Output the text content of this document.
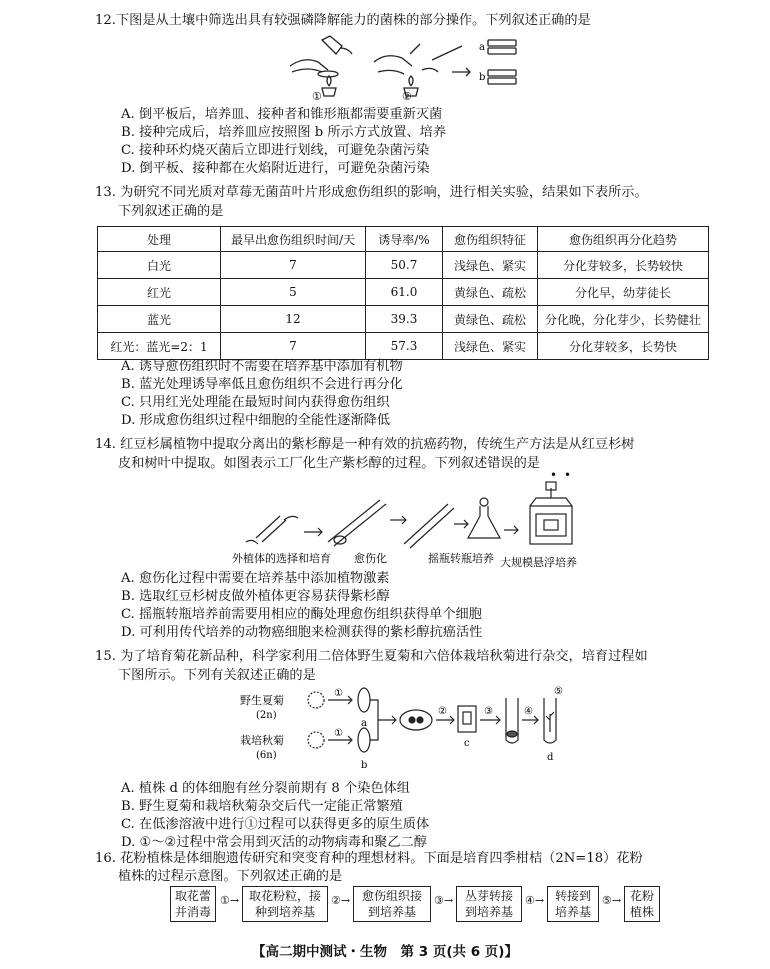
12.下图是从土壤中筛选出具有较强磷降解能力的菌株的部分操作。下列叙述正确的是
①	②
a
b
A. 倒平板后，培养皿、接种者和锥形瓶都需要重新灭菌
B. 接种完成后，培养皿应按照图 b 所示方式放置、培养
C. 接种环灼烧灭菌后立即进行划线，可避免杂菌污染
D. 倒平板、接种都在火焰附近进行，可避免杂菌污染
13. 为研究不同光质对草莓无菌苗叶片形成愈伤组织的影响，进行相关实验，结果如下表所示。
下列叙述正确的是
处理	最早出愈伤组织时间/天	诱导率/%	愈伤组织特征	愈伤组织再分化趋势
白光	7	50.7	浅绿色、紧实	分化芽较多，长势较快
红光	5	61.0	黄绿色、疏松	分化早，幼芽徒长
蓝光	12	39.3	黄绿色、疏松	分化晚，分化芽少，长势健壮
红光：蓝光=2：1	7	57.3	浅绿色、紧实	分化芽较多，长势快
A. 诱导愈伤组织时不需要在培养基中添加有机物
B. 蓝光处理诱导率低且愈伤组织不会进行再分化
C. 只用红光处理能在最短时间内获得愈伤组织
D. 形成愈伤组织过程中细胞的全能性逐渐降低
14. 红豆杉属植物中提取分离出的紫杉醇是一种有效的抗癌药物，传统生产方法是从红豆杉树
皮和树叶中提取。如图表示工厂化生产紫杉醇的过程。下列叙述错误的是
• •
外植体的选择和培育 愈伤化	摇瓶转瓶培养 大规模悬浮培养
A. 愈伤化过程中需要在培养基中添加植物激素
B. 选取红豆杉树皮做外植体更容易获得紫杉醇
C. 摇瓶转瓶培养前需要用相应的酶处理愈伤组织获得单个细胞
D. 可利用传代培养的动物癌细胞来检测获得的紫杉醇抗癌活性
15. 为了培育菊花新品种，科学家利用二倍体野生夏菊和六倍体栽培秋菊进行杂交，培育过程如
下图所示。下列有关叙述正确的是
野生夏菊
(2n)
栽培秋菊
(6n)
①
①
②	③	④
⑤
a
b
c
d
A. 植株 d 的体细胞有丝分裂前期有 8 个染色体组
B. 野生夏菊和栽培秋菊杂交后代一定能正常繁殖
C. 在低渗溶液中进行①过程可以获得更多的原生质体
D. ①～②过程中常会用到灭活的动物病毒和聚乙二醇
16. 花粉植株是体细胞遗传研究和突变育种的理想材料。下面是培育四季柑桔（2N=18）花粉
植株的过程示意图。下列叙述正确的是
取花蕾
并消毒
①→ 取花粉粒，接
种到培养基
②→ 愈伤组织接
到培养基
③→ 丛芽转接
到培养基
④→ 转接到
培养基
⑤→ 花粉
植株
【高二期中测试・生物　第 3 页(共 6 页)】
